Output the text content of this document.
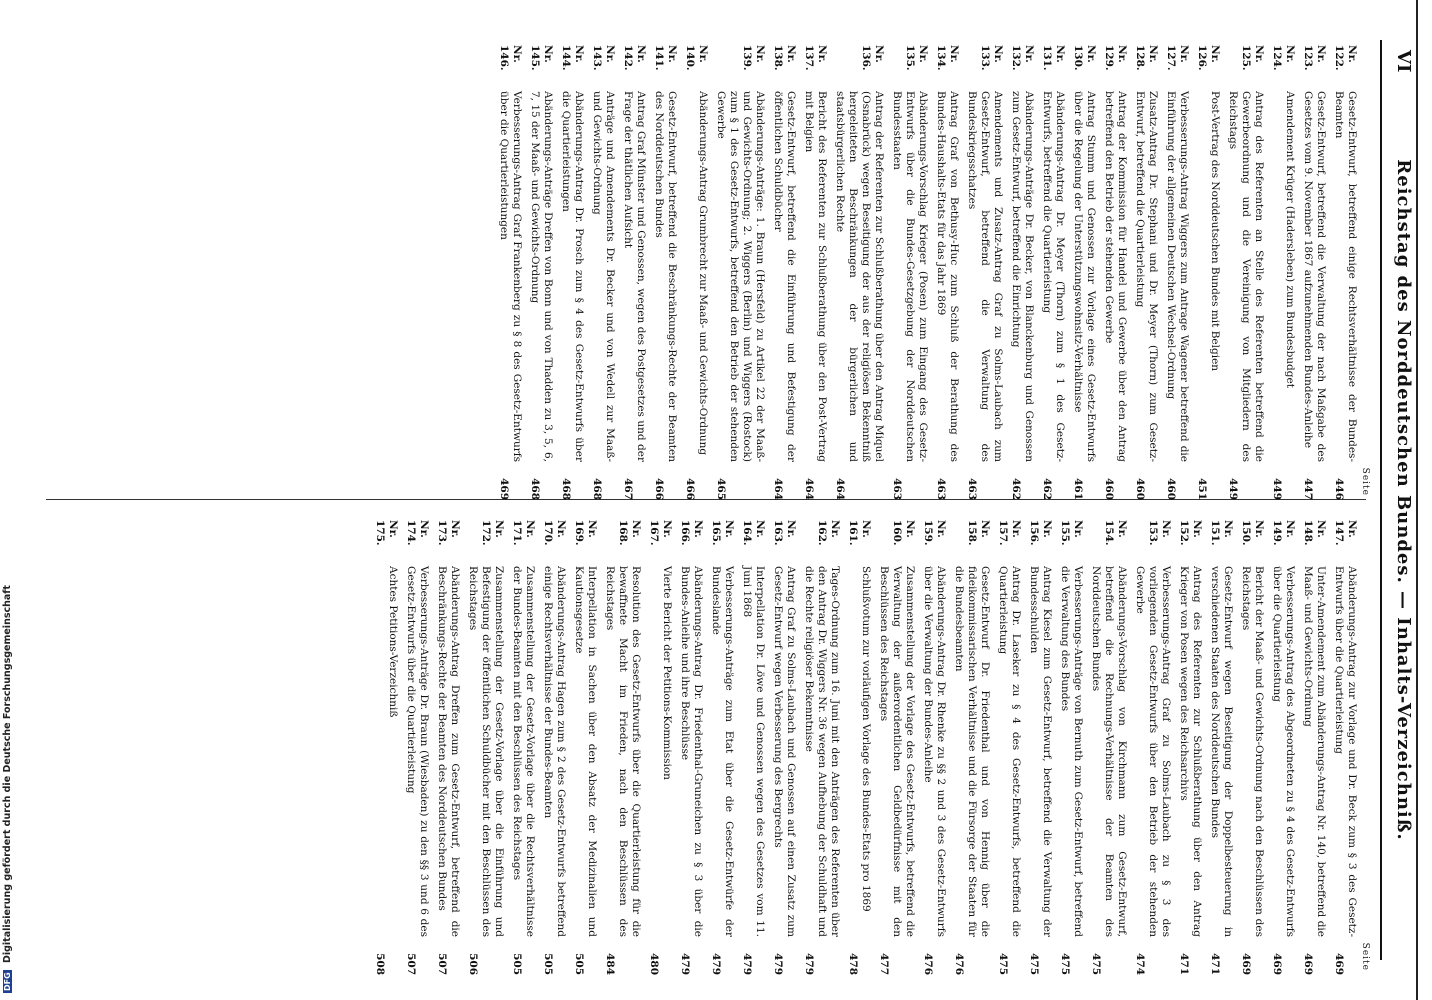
VI
Reichstag des Norddeutschen Bundes. — Inhalts-Verzeichniß.
Seite
Nr. 122.
Gesetz-Entwurf, betreffend einige Rechtsverhältnisse der Bundes-Beamten
446
Nr. 123.
Gesetz-Entwurf, betreffend die Verwaltung der nach Maßgabe des Gesetzes vom 9. November 1867 aufzunehmenden Bundes-Anleihe
447
Nr. 124.
Amendement Krüger (Hadersleben) zum Bundesbudget
449
Nr. 125.
Antrag des Referenten an Stelle des Referenten betreffend die Gewerbeordnung und die Vereinigung von Mitgliedern des Reichstags
449
Nr. 126.
Post-Vertrag des Norddeutschen Bundes mit Belgien
451
Nr. 127.
Verbesserungs-Antrag Wiggers zum Antrage Wagener betreffend die Einführung der allgemeinen Deutschen Wechsel-Ordnung
460
Nr. 128.
Zusatz-Antrag Dr. Stephani und Dr. Meyer (Thorn) zum Gesetz-Entwurf, betreffend die Quartierleistung
460
Nr. 129.
Antrag der Kommission für Handel und Gewerbe über den Antrag betreffend den Betrieb der stehenden Gewerbe
460
Nr. 130.
Antrag Stumm und Genossen zur Vorlage eines Gesetz-Entwurfs über die Regelung der Unterstützungswohnsitz-Verhältnisse
461
Nr. 131.
Abänderungs-Antrag Dr. Meyer (Thorn) zum § 1 des Gesetz-Entwurfs, betreffend die Quartierleistung
462
Nr. 132.
Abänderungs-Anträge Dr. Becker, von Blanckenburg und Genossen zum Gesetz-Entwurf, betreffend die Einrichtung
462
Nr. 133.
Amendements und Zusatz-Antrag Graf zu Solms-Laubach zum Gesetz-Entwurf, betreffend die Verwaltung des Bundeskriegsschatzes
463
Nr. 134.
Antrag Graf von Bethusy-Huc zum Schluß der Berathung des Bundes-Haushalts-Etats für das Jahr 1869
463
Nr. 135.
Abänderungs-Vorschlag Krieger (Posen) zum Eingang des Gesetz-Entwurfs über die Bundes-Gesetzgebung der Norddeutschen Bundesstaaten
463
Nr. 136.
Antrag der Referenten zur Schlußberathung über den Antrag Miquel (Osnabrück) wegen Beseitigung der aus der religiösen Bekenntniß hergeleiteten Beschränkungen der bürgerlichen und staatsbürgerlichen Rechte
464
Nr. 137.
Bericht des Referenten zur Schlußberathung über den Post-Vertrag mit Belgien
464
Nr. 138.
Gesetz-Entwurf, betreffend die Einführung und Befestigung der öffentlichen Schuldbücher
464
Nr. 139.
Abänderungs-Anträge: 1. Braun (Hersfeld) zu Artikel 22 der Maaß- und Gewichts-Ordnung; 2. Wiggers (Berlin) und Wiggers (Rostock) zum § 1 des Gesetz-Entwurfs, betreffend den Betrieb der stehenden Gewerbe
465
Nr. 140.
Abänderungs-Antrag Grumbrecht zur Maaß- und Gewichts-Ordnung
466
Nr. 141.
Gesetz-Entwurf, betreffend die Beschränkungs-Rechte der Beamten des Norddeutschen Bundes
466
Nr. 142.
Antrag Graf Münster und Genossen, wegen des Postgesetzes und der Frage der thätlichen Aufsicht
467
Nr. 143.
Anträge und Amendements Dr. Becker und von Wedell zur Maaß- und Gewichts-Ordnung
468
Nr. 144.
Abänderungs-Antrag Dr. Prosch zum § 4 des Gesetz-Entwurfs über die Quartierleistungen
468
Nr. 145.
Abänderungs-Anträge Dreffen von Bonn und von Thadden zu 3, 5, 6, 7, 15 der Maaß- und Gewichts-Ordnung
468
Nr. 146.
Verbesserungs-Antrag Graf Frankenberg zu § 8 des Gesetz-Entwurfs über die Quartierleistungen
469
Seite
Nr. 147.
Abänderungs-Antrag zur Vorlage und Dr. Beck zum § 3 des Gesetz-Entwurfs über die Quartierleistung
469
Nr. 148.
Unter-Amendement zum Abänderungs-Antrag Nr. 140, betreffend die Maaß- und Gewichts-Ordnung
469
Nr. 149.
Verbesserungs-Antrag des Abgeordneten zu § 4 des Gesetz-Entwurfs über die Quartierleistung
469
Nr. 150.
Bericht der Maaß- und Gewichts-Ordnung nach den Beschlüssen des Reichstages
469
Nr. 151.
Gesetz-Entwurf wegen Beseitigung der Doppelbesteuerung in verschiedenen Staaten des Norddeutschen Bundes
471
Nr. 152.
Antrag des Referenten zur Schlußberathung über den Antrag Krieger von Posen wegen des Reichsarchivs
471
Nr. 153.
Verbesserungs-Antrag Graf zu Solms-Laubach zu § 3 des vorliegenden Gesetz-Entwurfs über den Betrieb der stehenden Gewerbe
474
Nr. 154.
Abänderungs-Vorschlag von Kirchmann zum Gesetz-Entwurf, betreffend die Rechnungs-Verhältnisse der Beamten des Norddeutschen Bundes
475
Nr. 155.
Verbesserungs-Anträge von Bernuth zum Gesetz-Entwurf, betreffend die Verwaltung des Bundes
475
Nr. 156.
Antrag Kiesel zum Gesetz-Entwurf, betreffend die Verwaltung der Bundesschulden
475
Nr. 157.
Antrag Dr. Laseker zu § 4 des Gesetz-Entwurfs, betreffend die Quartierleistung
475
Nr. 158.
Gesetz-Entwurf Dr. Friedenthal und von Hennig über die fideikommissarischen Verhältnisse und die Fürsorge der Staaten für die Bundesbeamten
476
Nr. 159.
Abänderungs-Antrag Dr. Rhenke zu §§ 2 und 3 des Gesetz-Entwurfs über die Verwaltung der Bundes-Anleihe
476
Nr. 160.
Zusammenstellung der Vorlage des Gesetz-Entwurfs, betreffend die Verwaltung der außerordentlichen Geldbedürfnisse mit den Beschlüssen des Reichstages
477
Nr. 161.
Schlußvotum zur vorläufigen Vorlage des Bundes-Etats pro 1869
478
Nr. 162.
Tages-Ordnung zum 16. Juni mit den Anträgen des Referenten über den Antrag Dr. Wiggers Nr. 36 wegen Aufhebung der Schuldhaft und die Rechte religiöser Bekenntnisse
479
Nr. 163.
Antrag Graf zu Solms-Laubach und Genossen auf einen Zusatz zum Gesetz-Entwurf wegen Verbesserung des Bergrechts
479
Nr. 164.
Interpellation Dr. Löwe und Genossen wegen des Gesetzes vom 11. Juni 1868
479
Nr. 165.
Verbesserungs-Anträge zum Etat über die Gesetz-Entwürfe der Bundeslande
479
Nr. 166.
Abänderungs-Antrag Dr. Friedenthal-Gruneichen zu § 3 über die Bundes-Anleihe und ihre Beschlüsse
479
Nr. 167.
Vierte Bericht der Petitions-Kommission
480
Nr. 168.
Resolution des Gesetz-Entwurfs über die Quartierleistung für die bewaffnete Macht im Frieden, nach den Beschlüssen des Reichstages
484
Nr. 169.
Interpellation in Sachen über den Absatz der Medizinalien und Kautionsgesetze
505
Nr. 170.
Abänderungs-Antrag Hagen zum § 2 des Gesetz-Entwurfs betreffend einige Rechtsverhältnisse der Bundes-Beamten
505
Nr. 171.
Zusammenstellung der Gesetz-Vorlage über die Rechtsverhältnisse der Bundes-Beamten mit den Beschlüssen des Reichstages
505
Nr. 172.
Zusammenstellung der Gesetz-Vorlage über die Einführung und Befestigung der öffentlichen Schuldbücher mit den Beschlüssen des Reichstages
506
Nr. 173.
Abänderungs-Antrag Dreffen zum Gesetz-Entwurf, betreffend die Beschränkungs-Rechte der Beamten des Norddeutschen Bundes
507
Nr. 174.
Verbesserungs-Anträge Dr. Braun (Wiesbaden) zu den §§ 3 und 6 des Gesetz-Entwurfs über die Quartierleistung
507
Nr. 175.
Achtes Petitions-Verzeichniß
508
DFG Digitalisierung gefördert durch die Deutsche Forschungsgemeinschaft
